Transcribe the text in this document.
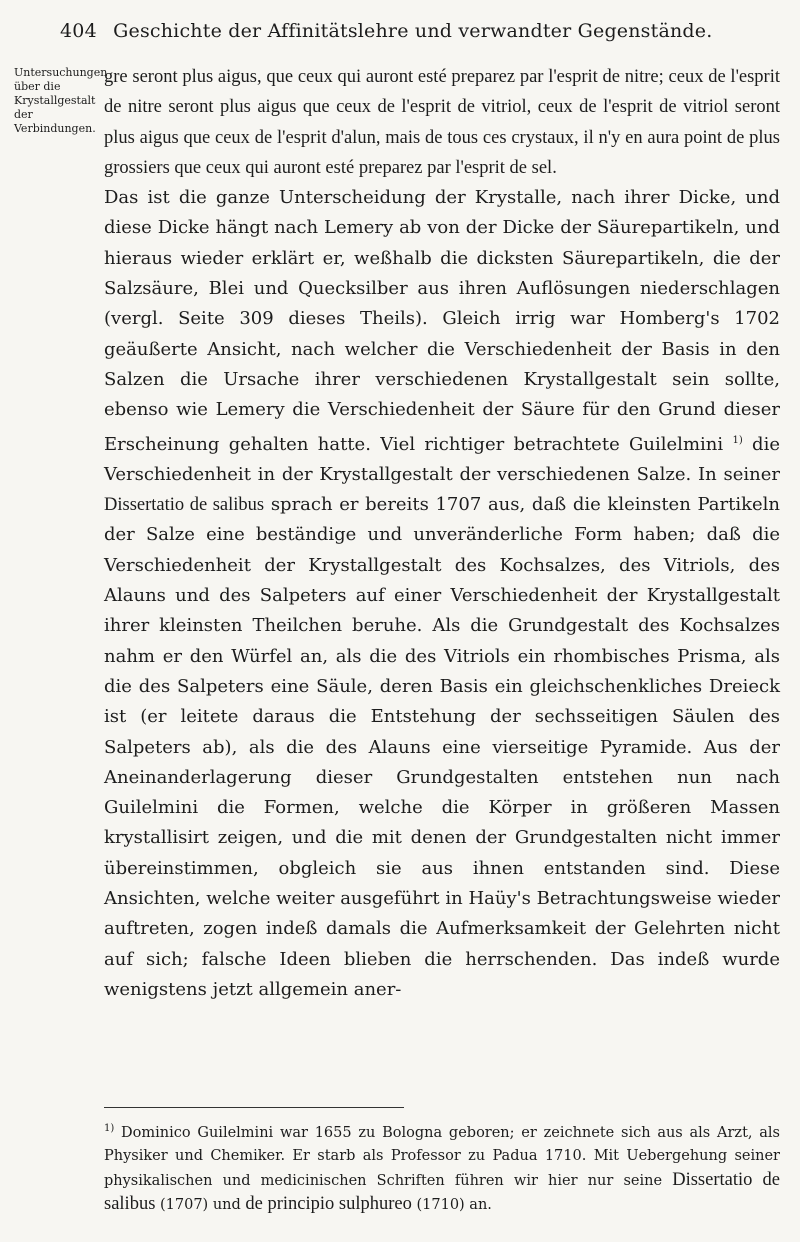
404 Geschichte der Affinitätslehre und verwandter Gegenstände.
Untersuchungen über die Krystallgestalt der Verbindungen.

gre seront plus aigus, que ceux qui auront esté preparez par l'esprit de nitre; ceux de l'esprit de nitre seront plus aigus que ceux de l'esprit de vitriol, ceux de l'esprit de vitriol seront plus aigus que ceux de l'esprit d'alun, mais de tous ces crystaux, il n'y en aura point de plus grossiers que ceux qui auront esté preparez par l'esprit de sel.

Das ist die ganze Unterscheidung der Krystalle, nach ihrer Dicke, und diese Dicke hängt nach Lemery ab von der Dicke der Säurepartikeln, und hieraus wieder erklärt er, weßhalb die dicksten Säurepartikeln, die der Salzsäure, Blei und Quecksilber aus ihren Auflösungen niederschlagen (vergl. Seite 309 dieses Theils). Gleich irrig war Homberg's 1702 geäußerte Ansicht, nach welcher die Verschiedenheit der Basis in den Salzen die Ursache ihrer verschiedenen Krystallgestalt sein sollte, ebenso wie Lemery die Verschiedenheit der Säure für den Grund dieser Erscheinung gehalten hatte. Viel richtiger betrachtete Guilelmini $^{1)}$ die Verschiedenheit in der Krystallgestalt der verschiedenen Salze. In seiner Dissertatio de salibus sprach er bereits 1707 aus, daß die kleinsten Partikeln der Salze eine beständige und unveränderliche Form haben; daß die Verschiedenheit der Krystallgestalt des Kochsalzes, des Vitriols, des Alauns und des Salpeters auf einer Verschiedenheit der Krystallgestalt ihrer kleinsten Theilchen beruhe. Als die Grundgestalt des Kochsalzes nahm er den Würfel an, als die des Vitriols ein rhombisches Prisma, als die des Salpeters eine Säule, deren Basis ein gleichschenkliches Dreieck ist (er leitete daraus die Entstehung der sechsseitigen Säulen des Salpeters ab), als die des Alauns eine vierseitige Pyramide. Aus der Aneinanderlagerung dieser Grundgestalten entstehen nun nach Guilelmini die Formen, welche die Körper in größeren Massen krystallisirt zeigen, und die mit denen der Grundgestalten nicht immer übereinstimmen, obgleich sie aus ihnen entstanden sind. Diese Ansichten, welche weiter ausgeführt in Haüy's Betrachtungsweise wieder auftreten, zogen indeß damals die Aufmerksamkeit der Gelehrten nicht auf sich; falsche Ideen blieben die herrschenden. Das indeß wurde wenigstens jetzt allgemein aner-

$^{1)}$ Dominico Guilelmini war 1655 zu Bologna geboren; er zeichnete sich aus als Arzt, als Physiker und Chemiker. Er starb als Professor zu Padua 1710. Mit Uebergehung seiner physikalischen und medicinischen Schriften führen wir hier nur seine Dissertatio de salibus (1707) und de principio sulphureo (1710) an.
